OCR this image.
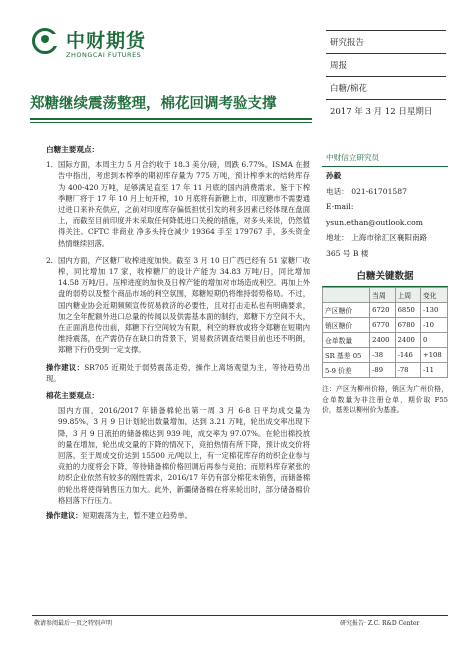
中财期货
ZHONGCAI FUTURES
研究报告
周报
白糖/棉花
2017 年 3 月 12 日星期日
郑糖继续震荡整理，棉花回调考验支撑
白糖主要观点：
1. 国际方面，本周主力 5 月合约收于 18.3 美分/磅，周跌 6.77%。ISMA 在报告中指出，考虑到本榨季的期初库存量为 775 万吨，预计榨季末的结转库存为 400-420 万吨，足够满足直至 17 年 11 月底的国内消费需求。鉴于下榨季糖厂将于 17 年 10 月上旬开榨，10 月底将有新糖上市，印度糖市不需要通过进口来补充供应，之前对印度库存偏低担忧引发的利多因素已经体现在盘面上，而截至目前印度并未采取任何降低进口关税的措施，对多头来说，仍然值得关注。CFTC 非商业 净多头持仓减少 19364 手至 179767 手，多头资金热情继续回落。
2. 国内方面，产区糖厂收榨进度加快。截至 3 月 10 日广西已经有 51 家糖厂收榨，同比增加 17 家，收榨糖厂的设计产能为 34.83 万吨/日，同比增加 14.58 万吨/日。压榨进度的加快及日榨产能的增加对市场造成利空。再加上外盘的弱势以及整个商品市场的利空氛围，郑糖短期仍将维持弱势格局。不过，国内糖业协会近期频频宣传贸易救济的必要性，且对打击走私也有明确要求，加之全年配额外进口总量的传闻以及供需基本面的制约，郑糖下方空间不大，在正面消息传出前，郑糖下行空间较为有限，利空的释放或将令郑糖在短期内维持震荡，在产需仍存在缺口的背景下，贸易救济调查结果目前也还不明朗，郑糖下行仍受到一定支撑。
操作建议：SR705 近期处于弱势震荡走势，操作上离场观望为主，等待趋势出现。
棉花主要观点：
国内方面，2016/2017 年储备棉轮出第一周 3 月 6-8 日平均成交量为 99.85%，3 月 9 日计划轮出数量增加，达到 3.21 万吨，轮出成交率出现下降，3 月 9 日流拍的储备棉达到 939 吨，成交率为 97.07%。在轮出棉投放的量在增加，轮出成交量的下降的情况下，竞拍热情有所下降，预计成交价将回落。至于周成交价达到 15500 元/吨以上，有一定棉花库存的纺织企业参与竞拍的力度将会下降，等待储备棉价格回调后再参与竞拍；而原料库存紧张的纺织企业依然有较多的刚性需求，2016/17 年仍有部分棉花未销售，而储备棉的轮出将使得销售压力加大。此外，新疆储备棉在将来轮出时，部分储备棉价格回落下行压力。
操作建议：短期震荡为主，暂不建立趋势单。
中财信立研究员
孙毅
电话： 021-61701587
E-mail:
ysun.ethan@outlook.com
地址： 上海市徐汇区襄阳南路
365 号 B 楼
白糖关键数据
	当周	上周	变化
产区糖价	6720	6850	-130
销区糖价	6770	6780	-10
仓单数量	2400	2400	0
SR 基差 05	-38	-146	+108
5-9 价差	-89	-78	-11
注：产区为柳州价格，销区为广州价格，仓单数量为非注册仓单，期价取 F55 价，基差以柳州价为基准。
敬请参阅最后一页之特别声明	研究报告· Z.C. R&D Center
